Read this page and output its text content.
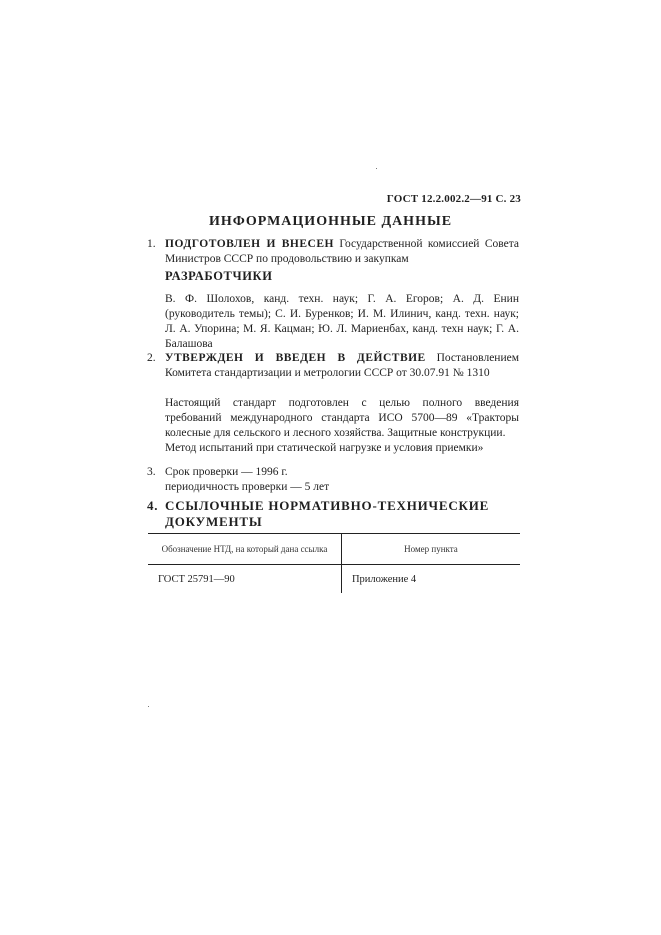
ГОСТ 12.2.002.2—91 С. 23
ИНФОРМАЦИОННЫЕ ДАННЫЕ
1. ПОДГОТОВЛЕН И ВНЕСЕН Государственной комиссией Совета Министров СССР по продовольствию и закупкам
РАЗРАБОТЧИКИ
В. Ф. Шолохов, канд. техн. наук; Г. А. Егоров; А. Д. Енин (руководитель темы); С. И. Буренков; И. М. Илинич, канд. техн. наук; Л. А. Упорина; М. Я. Кацман; Ю. Л. Мариенбах, канд. техн наук; Г. А. Балашова
2. УТВЕРЖДЕН И ВВЕДЕН В ДЕЙСТВИЕ Постановлением Комитета стандартизации и метрологии СССР от 30.07.91 № 1310
Настоящий стандарт подготовлен с целью полного введения требований международного стандарта ИСО 5700—89 «Тракторы колесные для сельского и лесного хозяйства. Защитные конструкции.
Метод испытаний при статической нагрузке и условия приемки»
3. Срок проверки — 1996 г.
периодичность проверки — 5 лет
4. ССЫЛОЧНЫЕ НОРМАТИВНО-ТЕХНИЧЕСКИЕ ДОКУМЕНТЫ
Обозначение НТД, на который дана ссылка	Номер пункта
ГОСТ 25791—90	Приложение 4
